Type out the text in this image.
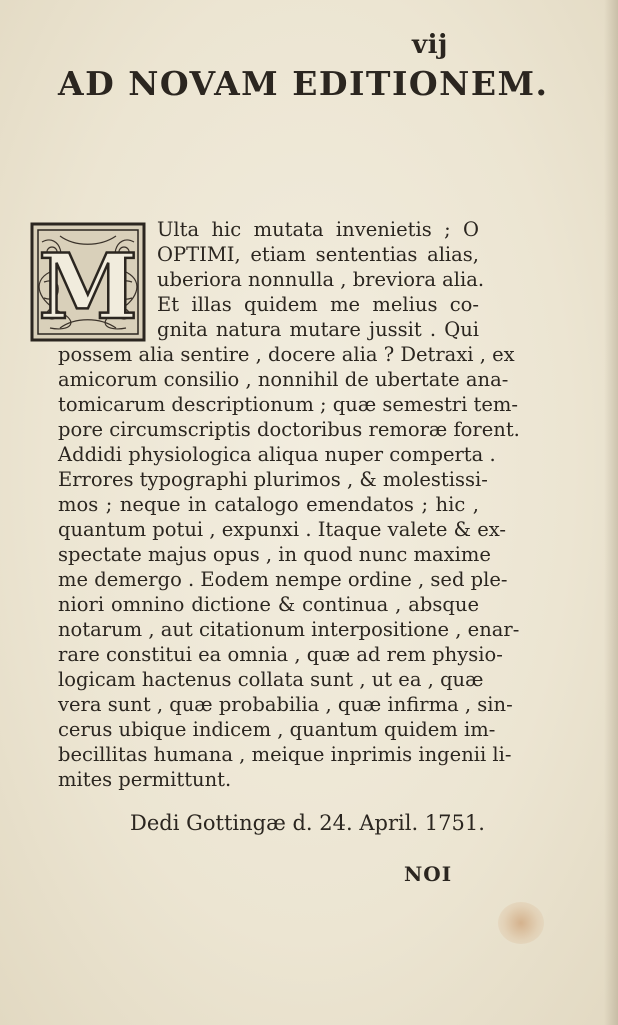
vij
AD NOVAM EDITIONEM.
M
Ulta hic mutata invenietis ; O
OPTIMI, etiam sententias alias,
uberiora nonnulla , breviora alia.
Et illas quidem me melius co-
gnita natura mutare jussit . Qui
possem alia sentire , docere alia ? Detraxi , ex
amicorum consilio , nonnihil de ubertate ana-
tomicarum descriptionum ; quæ semestri tem-
pore circumscriptis doctoribus remoræ forent.
Addidi physiologica aliqua nuper comperta .
Errores typographi plurimos , & molestissi-
mos ; neque in catalogo emendatos ; hic ,
quantum potui , expunxi . Itaque valete & ex-
spectate majus opus , in quod nunc maxime
me demergo . Eodem nempe ordine , sed ple-
niori omnino dictione & continua , absque
notarum , aut citationum interpositione , enar-
rare constitui ea omnia , quæ ad rem physio-
logicam hactenus collata sunt , ut ea , quæ
vera sunt , quæ probabilia , quæ infirma , sin-
cerus ubique indicem , quantum quidem im-
becillitas humana , meique inprimis ingenii li-
mites permittunt.
Dedi Gottingæ d. 24. April. 1751.
NOI
